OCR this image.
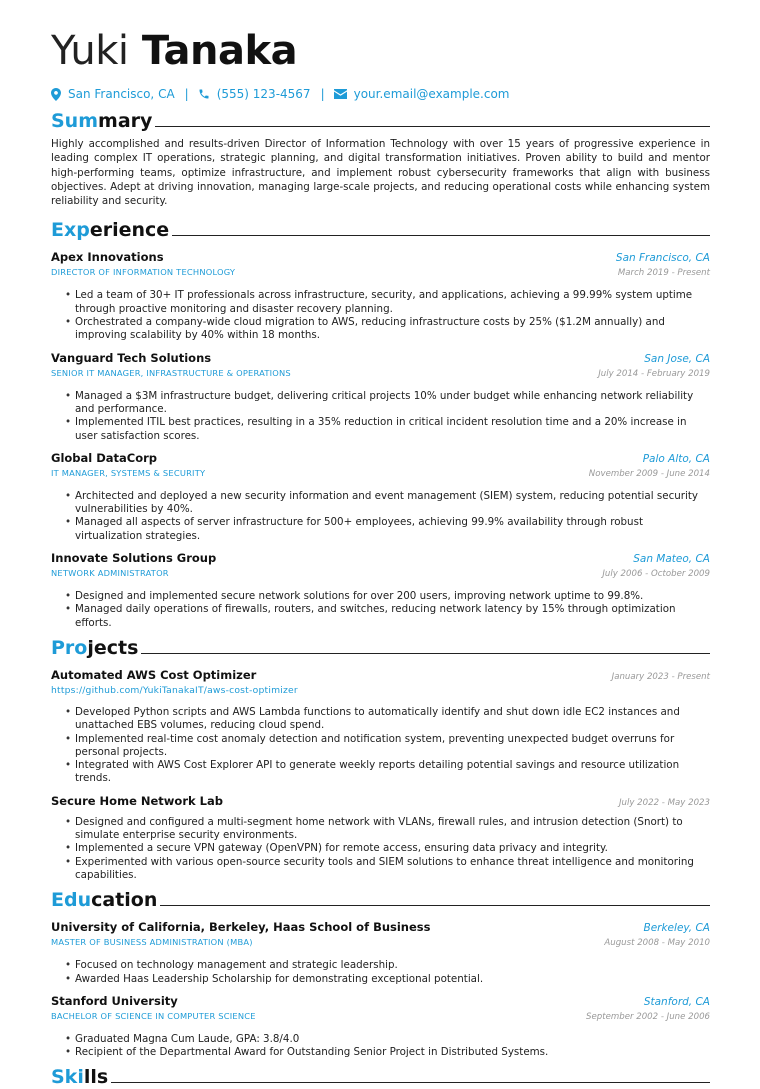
Yuki Tanaka
San Francisco, CA | (555) 123-4567 | your.email@example.com
Summary

Highly accomplished and results-driven Director of Information Technology with over 15 years of progressive experience in leading complex IT operations, strategic planning, and digital transformation initiatives. Proven ability to build and mentor high-performing teams, optimize infrastructure, and implement robust cybersecurity frameworks that align with business objectives. Adept at driving innovation, managing large-scale projects, and reducing operational costs while enhancing system reliability and security.

Experience
Apex Innovations	San Francisco, CA
DIRECTOR OF INFORMATION TECHNOLOGY	March 2019 - Present
• Led a team of 30+ IT professionals across infrastructure, security, and applications, achieving a 99.99% system uptime through proactive monitoring and disaster recovery planning.
• Orchestrated a company-wide cloud migration to AWS, reducing infrastructure costs by 25% ($1.2M annually) and improving scalability by 40% within 18 months.
Vanguard Tech Solutions	San Jose, CA
SENIOR IT MANAGER, INFRASTRUCTURE & OPERATIONS	July 2014 - February 2019
• Managed a $3M infrastructure budget, delivering critical projects 10% under budget while enhancing network reliability and performance.
• Implemented ITIL best practices, resulting in a 35% reduction in critical incident resolution time and a 20% increase in user satisfaction scores.
Global DataCorp	Palo Alto, CA
IT MANAGER, SYSTEMS & SECURITY	November 2009 - June 2014
• Architected and deployed a new security information and event management (SIEM) system, reducing potential security vulnerabilities by 40%.
• Managed all aspects of server infrastructure for 500+ employees, achieving 99.9% availability through robust virtualization strategies.
Innovate Solutions Group	San Mateo, CA
NETWORK ADMINISTRATOR	July 2006 - October 2009
• Designed and implemented secure network solutions for over 200 users, improving network uptime to 99.8%.
• Managed daily operations of firewalls, routers, and switches, reducing network latency by 15% through optimization efforts.
Projects
Automated AWS Cost Optimizer	January 2023 - Present
https://github.com/YukiTanakaIT/aws-cost-optimizer
• Developed Python scripts and AWS Lambda functions to automatically identify and shut down idle EC2 instances and unattached EBS volumes, reducing cloud spend.
• Implemented real-time cost anomaly detection and notification system, preventing unexpected budget overruns for personal projects.
• Integrated with AWS Cost Explorer API to generate weekly reports detailing potential savings and resource utilization trends.
Secure Home Network Lab	July 2022 - May 2023
• Designed and configured a multi-segment home network with VLANs, firewall rules, and intrusion detection (Snort) to simulate enterprise security environments.
• Implemented a secure VPN gateway (OpenVPN) for remote access, ensuring data privacy and integrity.
• Experimented with various open-source security tools and SIEM solutions to enhance threat intelligence and monitoring capabilities.
Education
University of California, Berkeley, Haas School of Business	Berkeley, CA
MASTER OF BUSINESS ADMINISTRATION (MBA)	August 2008 - May 2010
• Focused on technology management and strategic leadership.
• Awarded Haas Leadership Scholarship for demonstrating exceptional potential.
Stanford University	Stanford, CA
BACHELOR OF SCIENCE IN COMPUTER SCIENCE	September 2002 - June 2006
• Graduated Magna Cum Laude, GPA: 3.8/4.0
• Recipient of the Departmental Award for Outstanding Senior Project in Distributed Systems.
Skills
